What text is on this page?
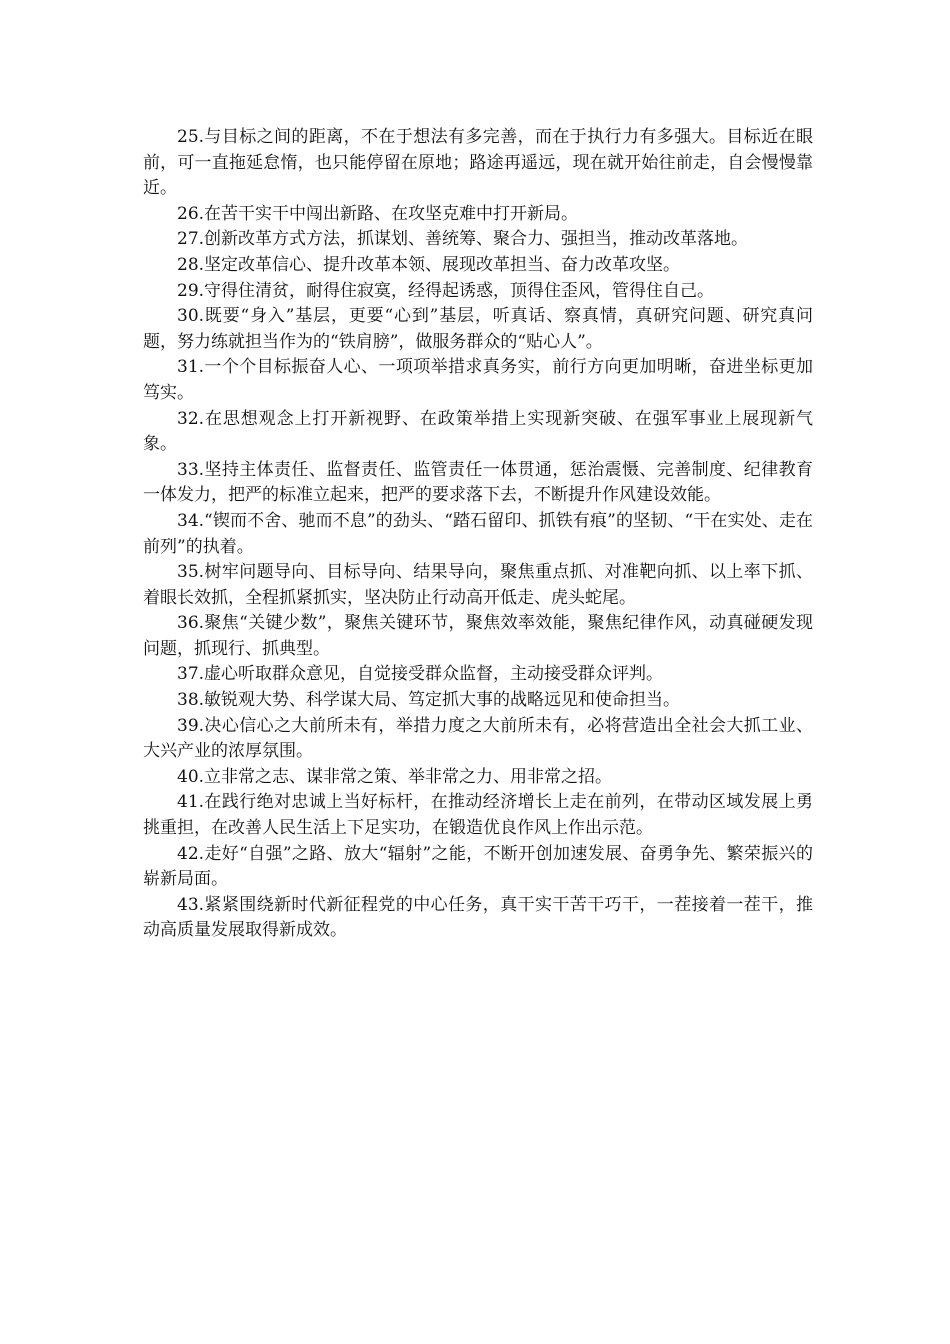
25.与目标之间的距离，不在于想法有多完善，而在于执行力有多强大。目标近在眼前，可一直拖延怠惰，也只能停留在原地；路途再遥远，现在就开始往前走，自会慢慢靠近。

26.在苦干实干中闯出新路、在攻坚克难中打开新局。

27.创新改革方式方法，抓谋划、善统筹、聚合力、强担当，推动改革落地。

28.坚定改革信心、提升改革本领、展现改革担当、奋力改革攻坚。

29.守得住清贫，耐得住寂寞，经得起诱惑，顶得住歪风，管得住自己。

30.既要“身入”基层，更要“心到”基层，听真话、察真情，真研究问题、研究真问题，努力练就担当作为的“铁肩膀”，做服务群众的“贴心人”。

31.一个个目标振奋人心、一项项举措求真务实，前行方向更加明晰，奋进坐标更加笃实。

32.在思想观念上打开新视野、在政策举措上实现新突破、在强军事业上展现新气象。

33.坚持主体责任、监督责任、监管责任一体贯通，惩治震慑、完善制度、纪律教育一体发力，把严的标准立起来，把严的要求落下去，不断提升作风建设效能。

34.“锲而不舍、驰而不息”的劲头、“踏石留印、抓铁有痕”的坚韧、“干在实处、走在前列”的执着。

35.树牢问题导向、目标导向、结果导向，聚焦重点抓、对准靶向抓、以上率下抓、着眼长效抓，全程抓紧抓实，坚决防止行动高开低走、虎头蛇尾。

36.聚焦“关键少数”，聚焦关键环节，聚焦效率效能，聚焦纪律作风，动真碰硬发现问题，抓现行、抓典型。

37.虚心听取群众意见，自觉接受群众监督，主动接受群众评判。

38.敏锐观大势、科学谋大局、笃定抓大事的战略远见和使命担当。

39.决心信心之大前所未有，举措力度之大前所未有，必将营造出全社会大抓工业、大兴产业的浓厚氛围。

40.立非常之志、谋非常之策、举非常之力、用非常之招。

41.在践行绝对忠诚上当好标杆，在推动经济增长上走在前列，在带动区域发展上勇挑重担，在改善人民生活上下足实功，在锻造优良作风上作出示范。

42.走好“自强”之路、放大“辐射”之能，不断开创加速发展、奋勇争先、繁荣振兴的崭新局面。

43.紧紧围绕新时代新征程党的中心任务，真干实干苦干巧干，一茬接着一茬干，推动高质量发展取得新成效。
